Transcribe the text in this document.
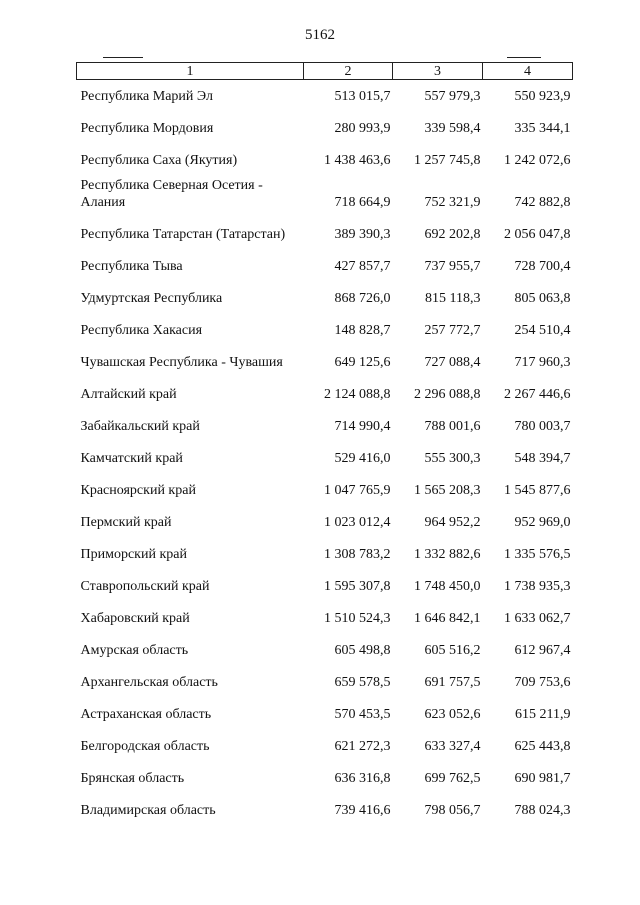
5162
1	2	3	4
Республика Марий Эл	513 015,7	557 979,3	550 923,9
Республика Мордовия	280 993,9	339 598,4	335 344,1
Республика Саха (Якутия)	1 438 463,6	1 257 745,8	1 242 072,6
Республика Северная Осетия - Алания	718 664,9	752 321,9	742 882,8
Республика Татарстан (Татарстан)	389 390,3	692 202,8	2 056 047,8
Республика Тыва	427 857,7	737 955,7	728 700,4
Удмуртская Республика	868 726,0	815 118,3	805 063,8
Республика Хакасия	148 828,7	257 772,7	254 510,4
Чувашская Республика - Чувашия	649 125,6	727 088,4	717 960,3
Алтайский край	2 124 088,8	2 296 088,8	2 267 446,6
Забайкальский край	714 990,4	788 001,6	780 003,7
Камчатский край	529 416,0	555 300,3	548 394,7
Красноярский край	1 047 765,9	1 565 208,3	1 545 877,6
Пермский край	1 023 012,4	964 952,2	952 969,0
Приморский край	1 308 783,2	1 332 882,6	1 335 576,5
Ставропольский край	1 595 307,8	1 748 450,0	1 738 935,3
Хабаровский край	1 510 524,3	1 646 842,1	1 633 062,7
Амурская область	605 498,8	605 516,2	612 967,4
Архангельская область	659 578,5	691 757,5	709 753,6
Астраханская область	570 453,5	623 052,6	615 211,9
Белгородская область	621 272,3	633 327,4	625 443,8
Брянская область	636 316,8	699 762,5	690 981,7
Владимирская область	739 416,6	798 056,7	788 024,3
